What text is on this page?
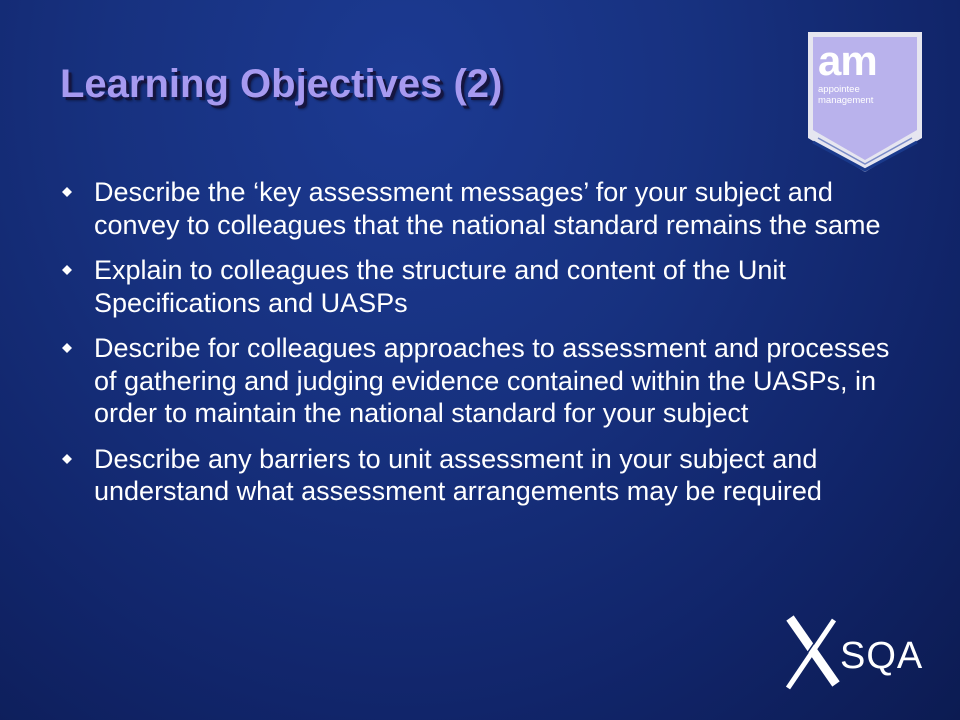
Learning Objectives (2)	am
appointee
management
Describe the ‘key assessment messages’ for your subject and convey to colleagues that the national standard remains the same
Explain to colleagues the structure and content of the Unit Specifications and UASPs
Describe for colleagues approaches to assessment and processes of gathering and judging evidence contained within the UASPs, in order to maintain the national standard for your subject
Describe any barriers to unit assessment in your subject and understand what assessment arrangements may be required
SQA
